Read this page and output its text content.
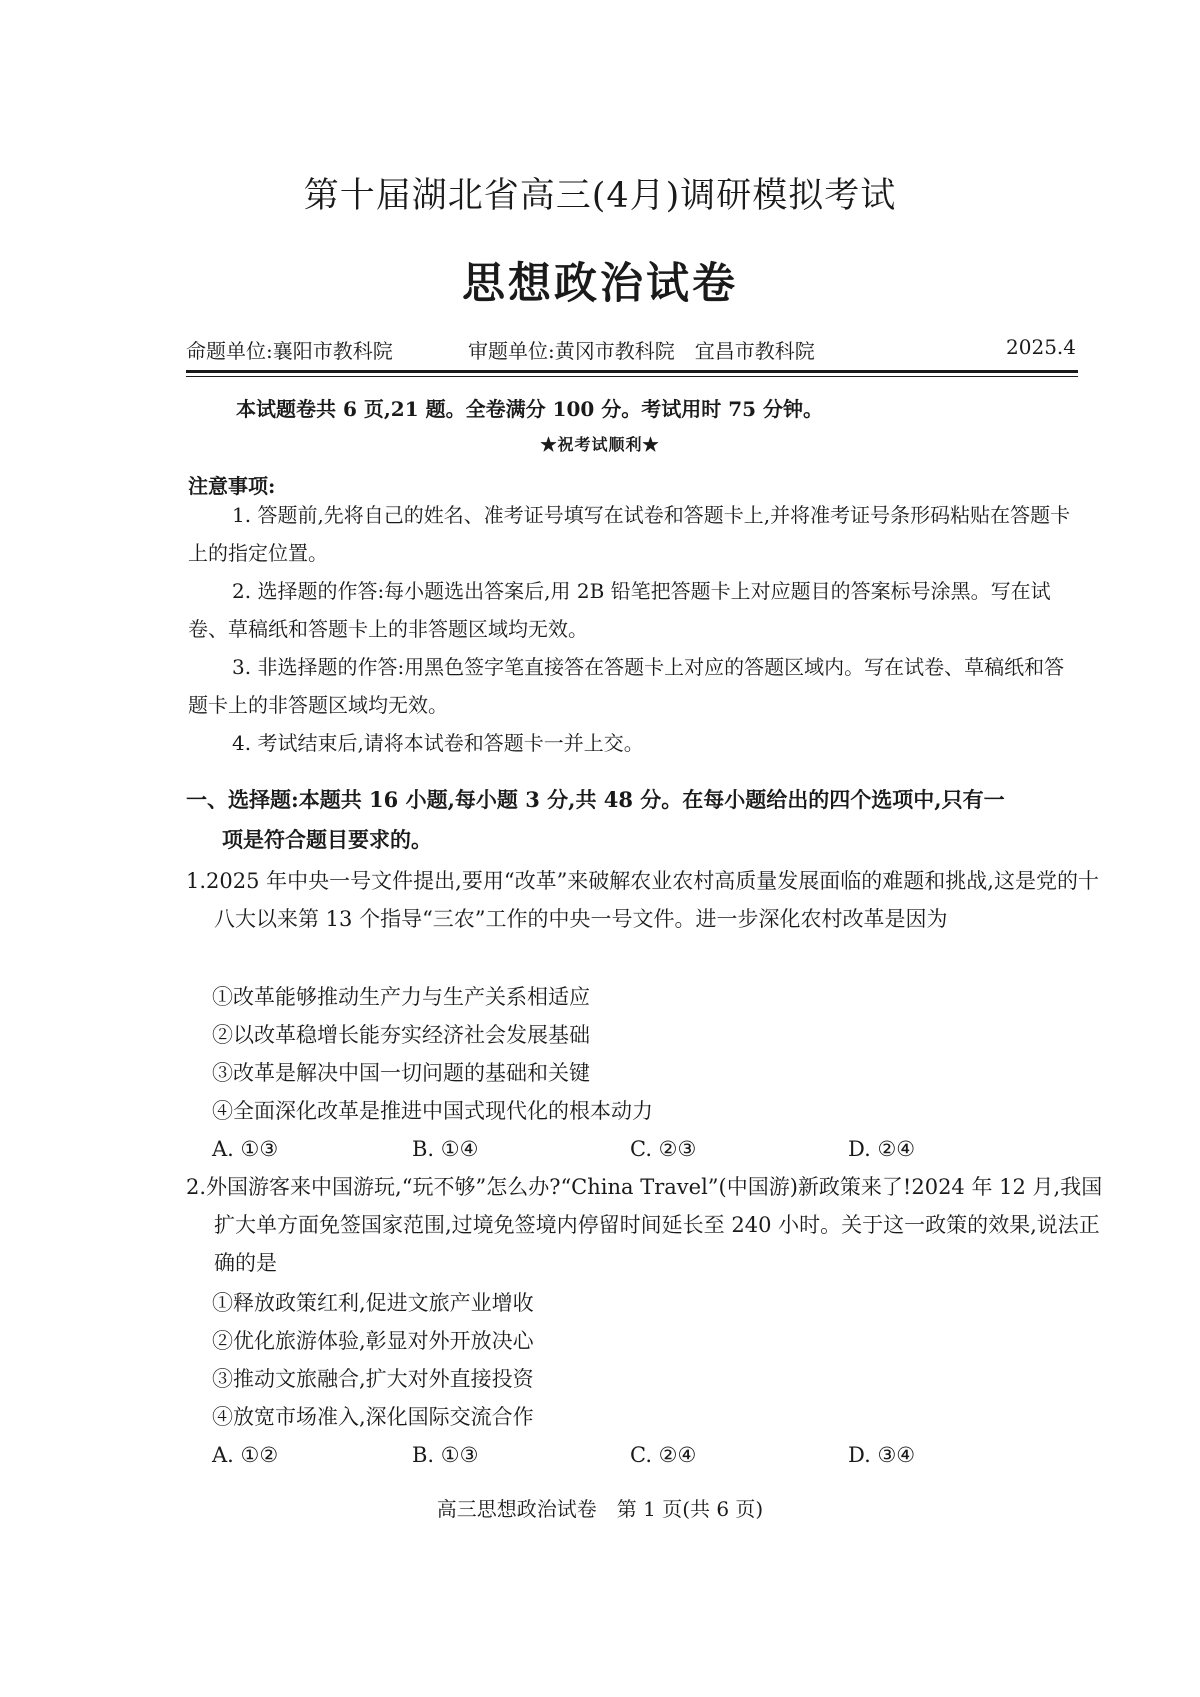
第十届湖北省高三(4月)调研模拟考试
思想政治试卷
命题单位:襄阳市教科院	审题单位:黄冈市教科院　宜昌市教科院	2025.4
本试题卷共 6 页,21 题。全卷满分 100 分。考试用时 75 分钟。
★祝考试顺利★
注意事项:
1. 答题前,先将自己的姓名、准考证号填写在试卷和答题卡上,并将准考证号条形码粘贴在答题卡上的指定位置。
2. 选择题的作答:每小题选出答案后,用 2B 铅笔把答题卡上对应题目的答案标号涂黑。写在试卷、草稿纸和答题卡上的非答题区域均无效。
3. 非选择题的作答:用黑色签字笔直接答在答题卡上对应的答题区域内。写在试卷、草稿纸和答题卡上的非答题区域均无效。
4. 考试结束后,请将本试卷和答题卡一并上交。
一、选择题:本题共 16 小题,每小题 3 分,共 48 分。在每小题给出的四个选项中,只有一
项是符合题目要求的。
1.2025 年中央一号文件提出,要用“改革”来破解农业农村高质量发展面临的难题和挑战,这是党的十八大以来第 13 个指导“三农”工作的中央一号文件。进一步深化农村改革是因为
①改革能够推动生产力与生产关系相适应
②以改革稳增长能夯实经济社会发展基础
③改革是解决中国一切问题的基础和关键
④全面深化改革是推进中国式现代化的根本动力
A. ①③	B. ①④	C. ②③	D. ②④
2.外国游客来中国游玩,“玩不够”怎么办?“China Travel”(中国游)新政策来了!2024 年 12 月,我国扩大单方面免签国家范围,过境免签境内停留时间延长至 240 小时。关于这一政策的效果,说法正确的是
①释放政策红利,促进文旅产业增收
②优化旅游体验,彰显对外开放决心
③推动文旅融合,扩大对外直接投资
④放宽市场准入,深化国际交流合作
A. ①②	B. ①③	C. ②④	D. ③④
高三思想政治试卷　第 1 页(共 6 页)
